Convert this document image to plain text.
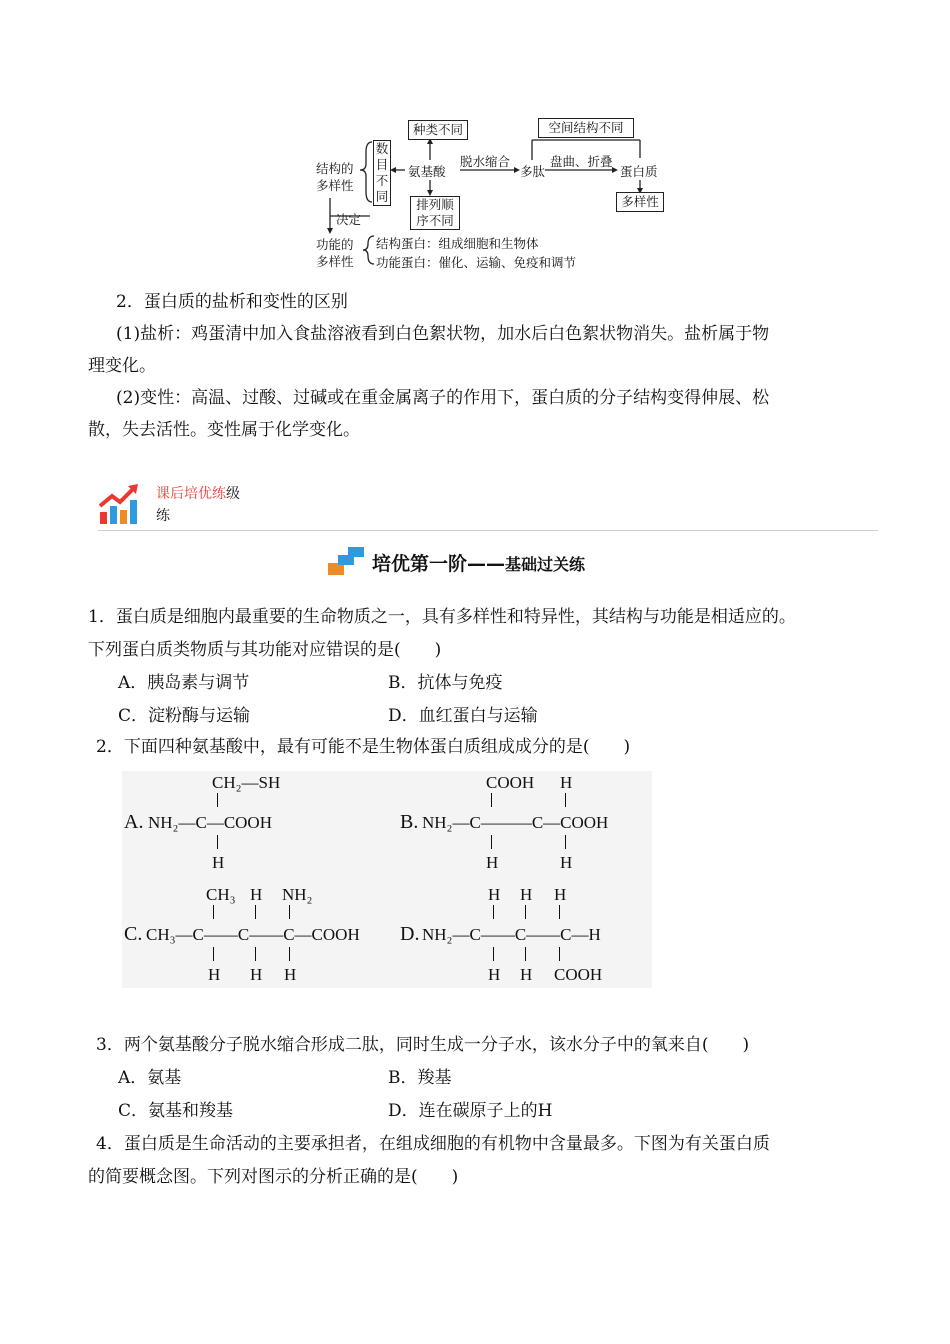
结构的
多样性
种类不同
数目不同
氨基酸
排列顺序不同
脱水缩合
多肽
盘曲、折叠
空间结构不同
蛋白质
多样性
决定
功能的
多样性
结构蛋白：组成细胞和生物体
功能蛋白：催化、运输、免疫和调节
2．蛋白质的盐析和变性的区别
(1)盐析：鸡蛋清中加入食盐溶液看到白色絮状物，加水后白色絮状物消失。盐析属于物
理变化。
(2)变性：高温、过酸、过碱或在重金属离子的作用下，蛋白质的分子结构变得伸展、松
散，失去活性。变性属于化学变化。
课后培优练级
练
培优第一阶——基础过关练
1．蛋白质是细胞内最重要的生命物质之一，具有多样性和特异性，其结构与功能是相适应的。
下列蛋白质类物质与其功能对应错误的是(　　)
A．胰岛素与调节	B．抗体与免疫
C．淀粉酶与运输	D．血红蛋白与运输
2．下面四种氨基酸中，最有可能不是生物体蛋白质组成成分的是(　　)
CH₂—SH
A. NH₂—C—COOH
H
COOH H
B. NH₂—C———C—COOH
H	H
CH₃ H NH₂
C. CH₃—C——C——C—COOH
H H H
H H H
D. NH₂—C——C——C—H
H H COOH
3．两个氨基酸分子脱水缩合形成二肽，同时生成一分子水，该水分子中的氧来自(　　)
A．氨基	B．羧基
C．氨基和羧基	D．连在碳原子上的H
4．蛋白质是生命活动的主要承担者，在组成细胞的有机物中含量最多。下图为有关蛋白质
的简要概念图。下列对图示的分析正确的是(　　)
